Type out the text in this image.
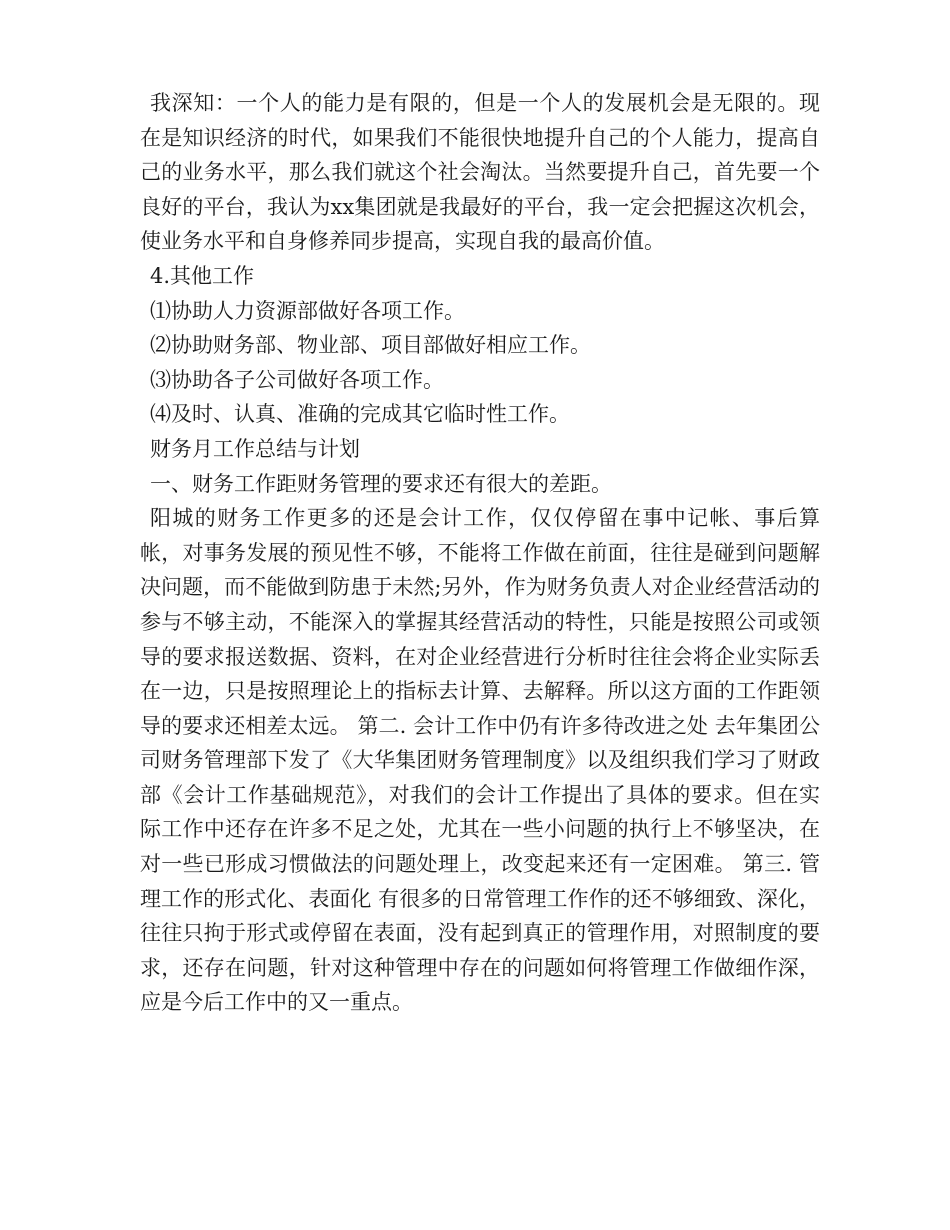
我深知：一个人的能力是有限的，但是一个人的发展机会是无限的。现在是知识经济的时代，如果我们不能很快地提升自己的个人能力，提高自己的业务水平，那么我们就这个社会淘汰。当然要提升自己，首先要一个良好的平台，我认为xx集团就是我最好的平台，我一定会把握这次机会，使业务水平和自身修养同步提高，实现自我的最高价值。

4.其他工作

⑴协助人力资源部做好各项工作。

⑵协助财务部、物业部、项目部做好相应工作。

⑶协助各子公司做好各项工作。

⑷及时、认真、准确的完成其它临时性工作。

财务月工作总结与计划

一、财务工作距财务管理的要求还有很大的差距。

阳城的财务工作更多的还是会计工作，仅仅停留在事中记帐、事后算帐，对事务发展的预见性不够，不能将工作做在前面，往往是碰到问题解决问题，而不能做到防患于未然;另外，作为财务负责人对企业经营活动的参与不够主动，不能深入的掌握其经营活动的特性，只能是按照公司或领导的要求报送数据、资料，在对企业经营进行分析时往往会将企业实际丢在一边，只是按照理论上的指标去计算、去解释。所以这方面的工作距领导的要求还相差太远。 第二. 会计工作中仍有许多待改进之处 去年集团公司财务管理部下发了《大华集团财务管理制度》以及组织我们学习了财政部《会计工作基础规范》，对我们的会计工作提出了具体的要求。但在实际工作中还存在许多不足之处，尤其在一些小问题的执行上不够坚决，在对一些已形成习惯做法的问题处理上，改变起来还有一定困难。 第三. 管理工作的形式化、表面化 有很多的日常管理工作作的还不够细致、深化，往往只拘于形式或停留在表面，没有起到真正的管理作用，对照制度的要求，还存在问题，针对这种管理中存在的问题如何将管理工作做细作深，应是今后工作中的又一重点。
